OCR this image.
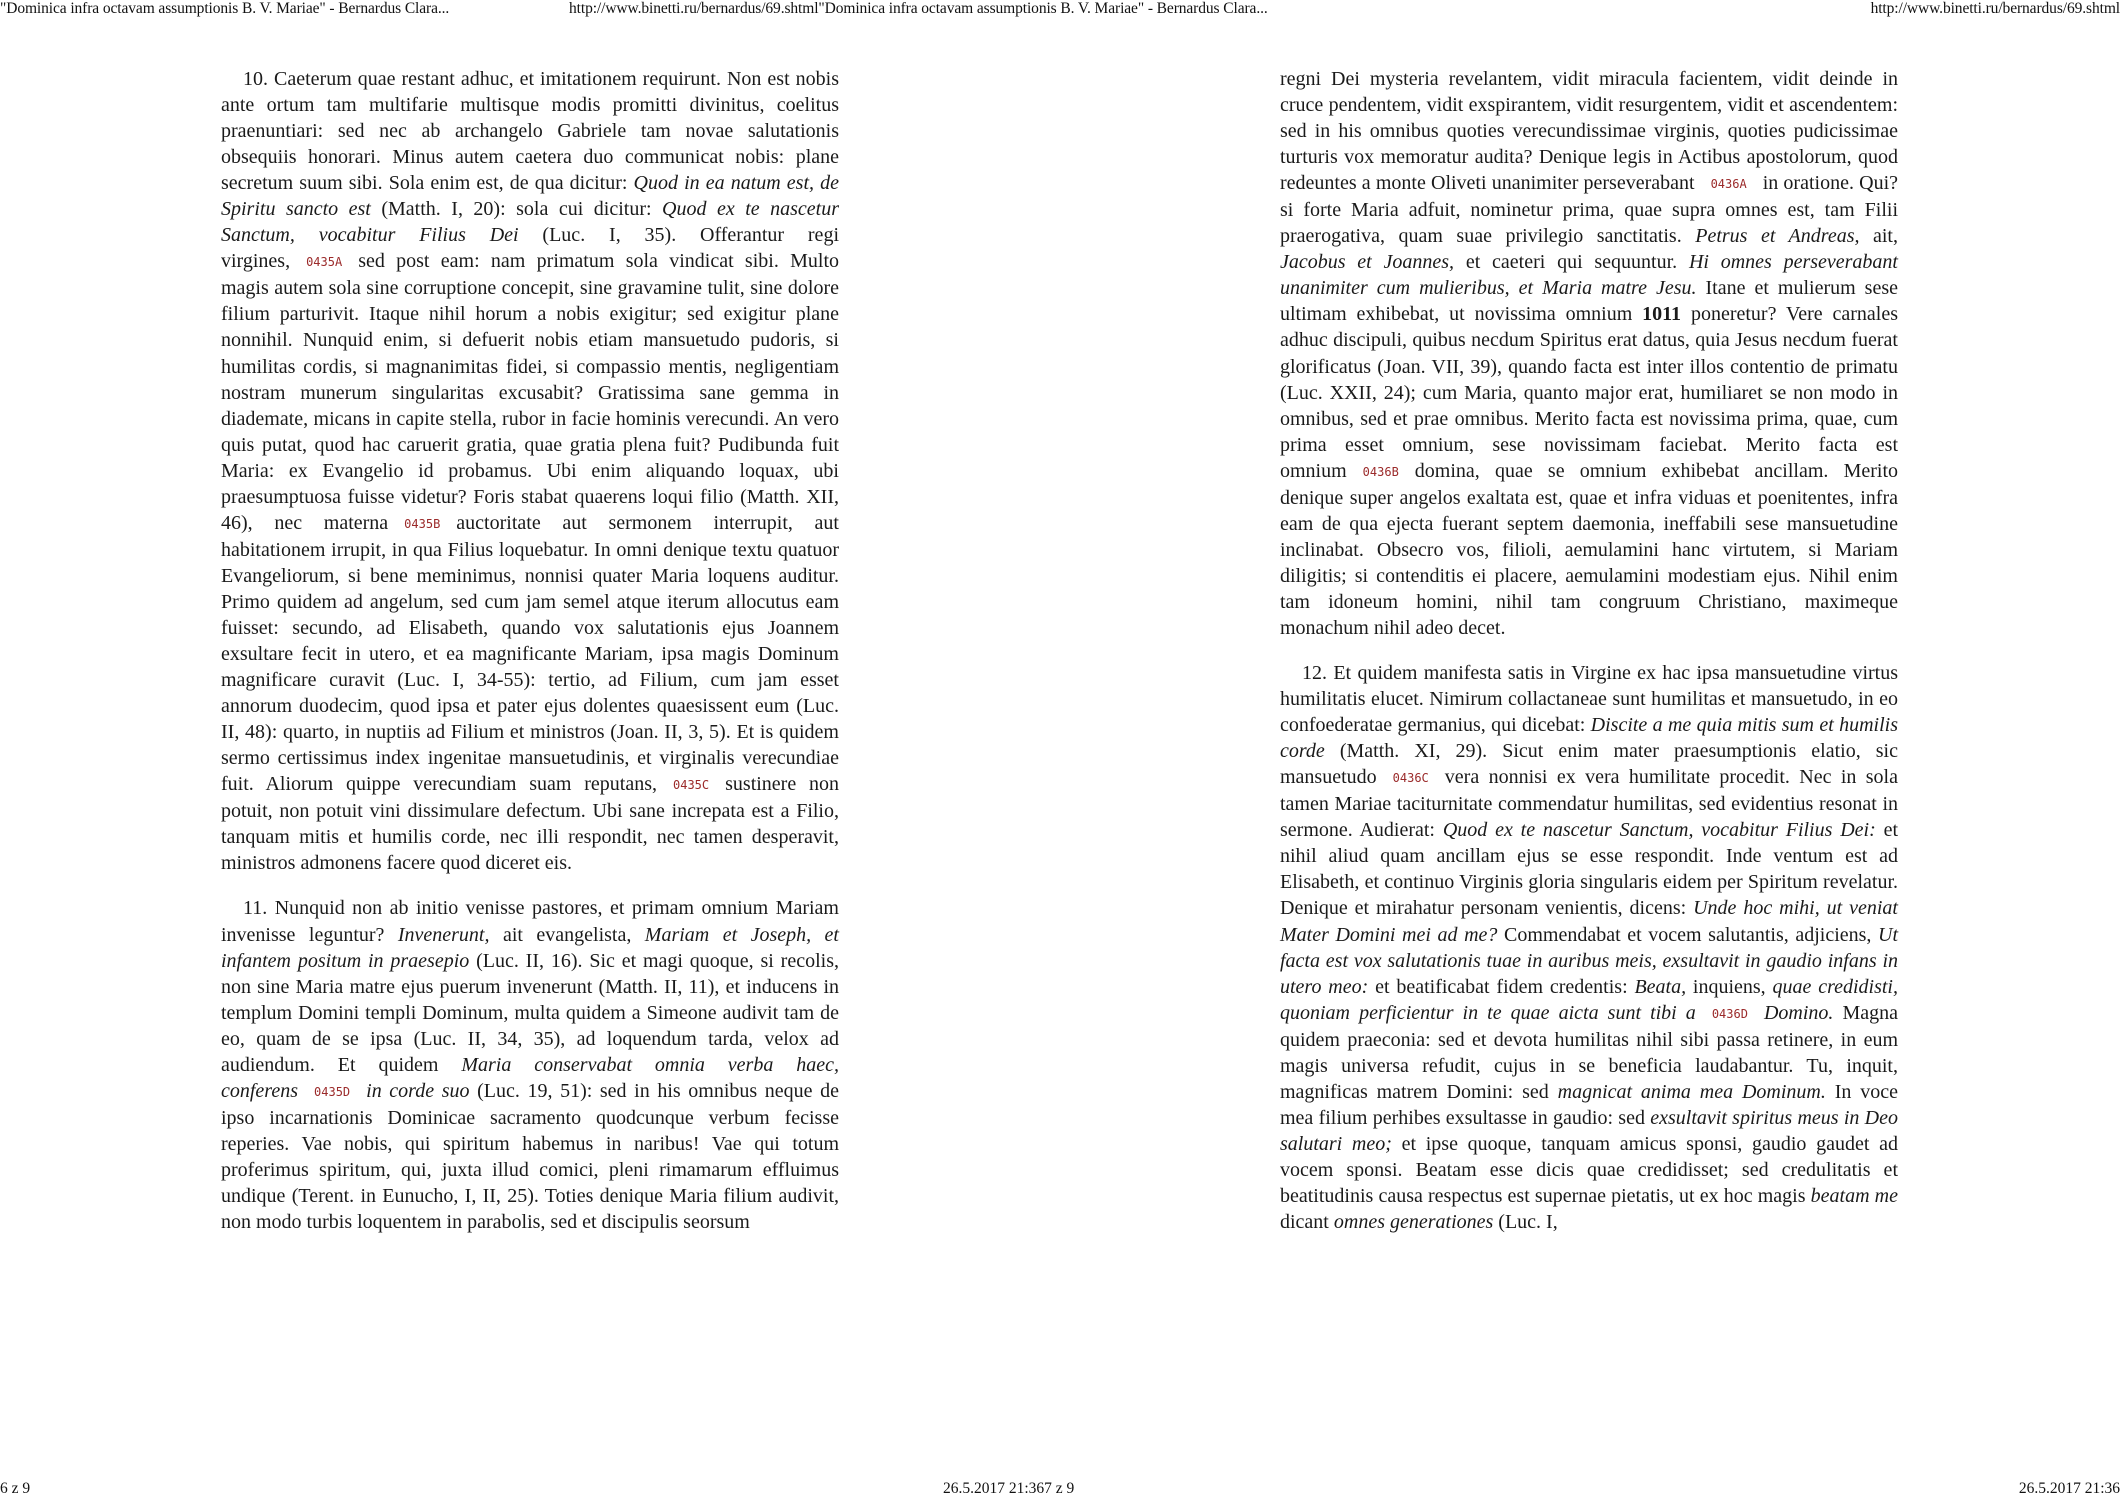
"Dominica infra octavam assumptionis B. V. Mariae" - Bernardus Clara...	http://www.binetti.ru/bernardus/69.shtml"Dominica infra octavam assumptionis B. V. Mariae" - Bernardus Clara...	http://www.binetti.ru/bernardus/69.shtml

10. Caeterum quae restant adhuc, et imitationem requirunt. Non est nobis ante ortum tam multifarie multisque modis promitti divinitus, coelitus praenuntiari: sed nec ab archangelo Gabriele tam novae salutationis obsequiis honorari. Minus autem caetera duo communicat nobis: plane secretum suum sibi. Sola enim est, de qua dicitur: Quod in ea natum est, de Spiritu sancto est (Matth. I, 20): sola cui dicitur: Quod ex te nascetur Sanctum, vocabitur Filius Dei (Luc. I, 35). Offerantur regi virgines, 0435A sed post eam: nam primatum sola vindicat sibi. Multo magis autem sola sine corruptione concepit, sine gravamine tulit, sine dolore filium parturivit. Itaque nihil horum a nobis exigitur; sed exigitur plane nonnihil. Nunquid enim, si defuerit nobis etiam mansuetudo pudoris, si humilitas cordis, si magnanimitas fidei, si compassio mentis, negligentiam nostram munerum singularitas excusabit? Gratissima sane gemma in diademate, micans in capite stella, rubor in facie hominis verecundi. An vero quis putat, quod hac caruerit gratia, quae gratia plena fuit? Pudibunda fuit Maria: ex Evangelio id probamus. Ubi enim aliquando loquax, ubi praesumptuosa fuisse videtur? Foris stabat quaerens loqui filio (Matth. XII, 46), nec materna 0435B auctoritate aut sermonem interrupit, aut habitationem irrupit, in qua Filius loquebatur. In omni denique textu quatuor Evangeliorum, si bene meminimus, nonnisi quater Maria loquens auditur. Primo quidem ad angelum, sed cum jam semel atque iterum allocutus eam fuisset: secundo, ad Elisabeth, quando vox salutationis ejus Joannem exsultare fecit in utero, et ea magnificante Mariam, ipsa magis Dominum magnificare curavit (Luc. I, 34-55): tertio, ad Filium, cum jam esset annorum duodecim, quod ipsa et pater ejus dolentes quaesissent eum (Luc. II, 48): quarto, in nuptiis ad Filium et ministros (Joan. II, 3, 5). Et is quidem sermo certissimus index ingenitae mansuetudinis, et virginalis verecundiae fuit. Aliorum quippe verecundiam suam reputans, 0435C sustinere non potuit, non potuit vini dissimulare defectum. Ubi sane increpata est a Filio, tanquam mitis et humilis corde, nec illi respondit, nec tamen desperavit, ministros admonens facere quod diceret eis.

11. Nunquid non ab initio venisse pastores, et primam omnium Mariam invenisse leguntur? Invenerunt, ait evangelista, Mariam et Joseph, et infantem positum in praesepio (Luc. II, 16). Sic et magi quoque, si recolis, non sine Maria matre ejus puerum invenerunt (Matth. II, 11), et inducens in templum Domini templi Dominum, multa quidem a Simeone audivit tam de eo, quam de se ipsa (Luc. II, 34, 35), ad loquendum tarda, velox ad audiendum. Et quidem Maria conservabat omnia verba haec, conferens 0435D in corde suo (Luc. 19, 51): sed in his omnibus neque de ipso incarnationis Dominicae sacramento quodcunque verbum fecisse reperies. Vae nobis, qui spiritum habemus in naribus! Vae qui totum proferimus spiritum, qui, juxta illud comici, pleni rimamarum effluimus undique (Terent. in Eunucho, I, II, 25). Toties denique Maria filium audivit, non modo turbis loquentem in parabolis, sed et discipulis seorsum

regni Dei mysteria revelantem, vidit miracula facientem, vidit deinde in cruce pendentem, vidit exspirantem, vidit resurgentem, vidit et ascendentem: sed in his omnibus quoties verecundissimae virginis, quoties pudicissimae turturis vox memoratur audita? Denique legis in Actibus apostolorum, quod redeuntes a monte Oliveti unanimiter perseverabant 0436A in oratione. Qui? si forte Maria adfuit, nominetur prima, quae supra omnes est, tam Filii praerogativa, quam suae privilegio sanctitatis. Petrus et Andreas, ait, Jacobus et Joannes, et caeteri qui sequuntur. Hi omnes perseverabant unanimiter cum mulieribus, et Maria matre Jesu. Itane et mulierum sese ultimam exhibebat, ut novissima omnium 1011 poneretur? Vere carnales adhuc discipuli, quibus necdum Spiritus erat datus, quia Jesus necdum fuerat glorificatus (Joan. VII, 39), quando facta est inter illos contentio de primatu (Luc. XXII, 24); cum Maria, quanto major erat, humiliaret se non modo in omnibus, sed et prae omnibus. Merito facta est novissima prima, quae, cum prima esset omnium, sese novissimam faciebat. Merito facta est omnium 0436B domina, quae se omnium exhibebat ancillam. Merito denique super angelos exaltata est, quae et infra viduas et poenitentes, infra eam de qua ejecta fuerant septem daemonia, ineffabili sese mansuetudine inclinabat. Obsecro vos, filioli, aemulamini hanc virtutem, si Mariam diligitis; si contenditis ei placere, aemulamini modestiam ejus. Nihil enim tam idoneum homini, nihil tam congruum Christiano, maximeque monachum nihil adeo decet.

12. Et quidem manifesta satis in Virgine ex hac ipsa mansuetudine virtus humilitatis elucet. Nimirum collactaneae sunt humilitas et mansuetudo, in eo confoederatae germanius, qui dicebat: Discite a me quia mitis sum et humilis corde (Matth. XI, 29). Sicut enim mater praesumptionis elatio, sic mansuetudo 0436C vera nonnisi ex vera humilitate procedit. Nec in sola tamen Mariae taciturnitate commendatur humilitas, sed evidentius resonat in sermone. Audierat: Quod ex te nascetur Sanctum, vocabitur Filius Dei: et nihil aliud quam ancillam ejus se esse respondit. Inde ventum est ad Elisabeth, et continuo Virginis gloria singularis eidem per Spiritum revelatur. Denique et mirahatur personam venientis, dicens: Unde hoc mihi, ut veniat Mater Domini mei ad me? Commendabat et vocem salutantis, adjiciens, Ut facta est vox salutationis tuae in auribus meis, exsultavit in gaudio infans in utero meo: et beatificabat fidem credentis: Beata, inquiens, quae credidisti, quoniam perficientur in te quae aicta sunt tibi a 0436D Domino. Magna quidem praeconia: sed et devota humilitas nihil sibi passa retinere, in eum magis universa refudit, cujus in se beneficia laudabantur. Tu, inquit, magnificas matrem Domini: sed magnicat anima mea Dominum. In voce mea filium perhibes exsultasse in gaudio: sed exsultavit spiritus meus in Deo salutari meo; et ipse quoque, tanquam amicus sponsi, gaudio gaudet ad vocem sponsi. Beatam esse dicis quae credidisset; sed credulitatis et beatitudinis causa respectus est supernae pietatis, ut ex hoc magis beatam me dicant omnes generationes (Luc. I,

6 z 9	26.5.2017 21:367 z 9	26.5.2017 21:36
